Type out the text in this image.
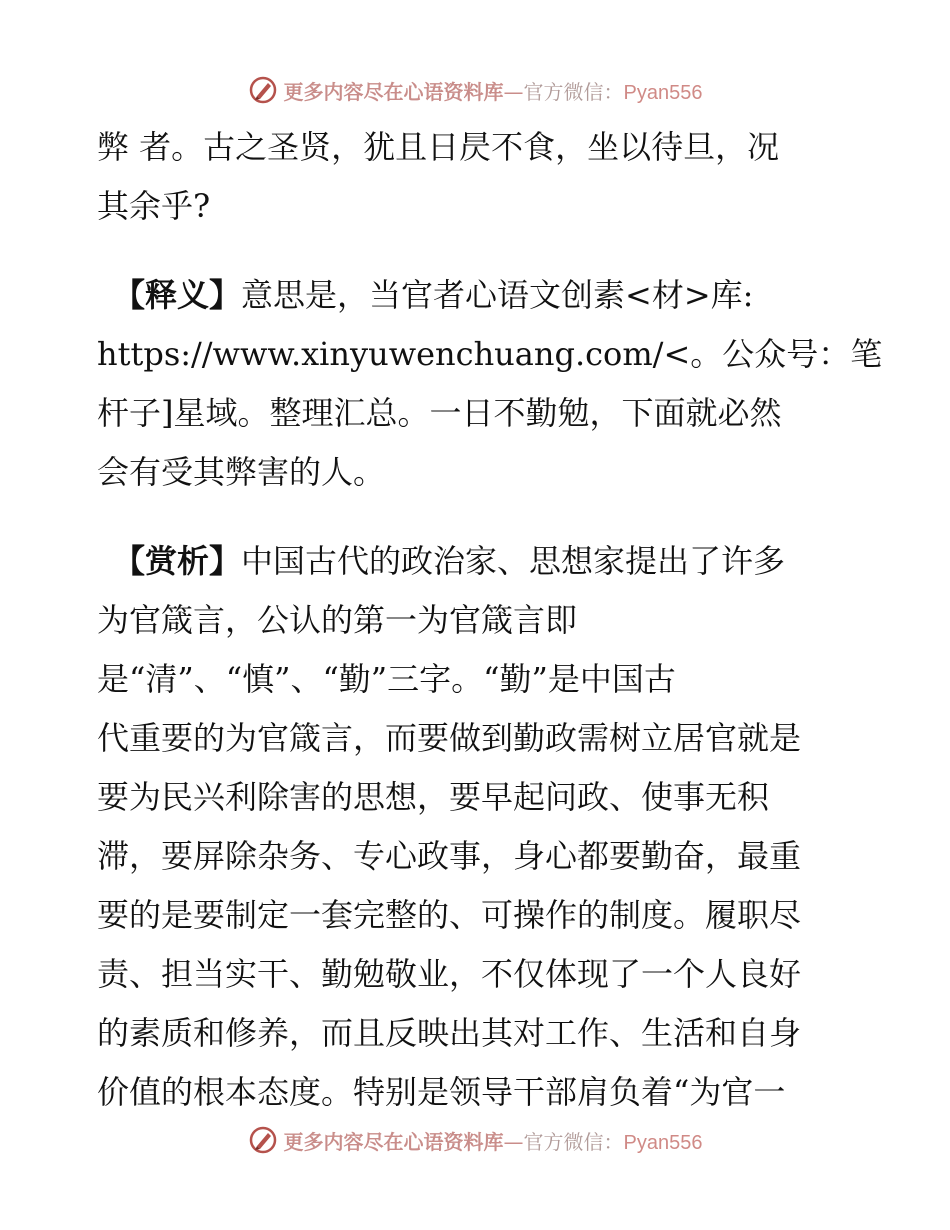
更多内容尽在心语资料库—官方微信：Pyan556
弊 者。古之圣贤，犹且日昃不食，坐以待旦，况
其余乎?
【释义】意思是，当官者心语文创素<材>库:
https://www.xinyuwenchuang.com/<。公众号：笔
杆子]星域。整理汇总。一日不勤勉，下面就必然
会有受其弊害的人。
【赏析】中国古代的政治家、思想家提出了许多
为官箴言，公认的第一为官箴言即
是“清”、“慎”、“勤”三字。“勤”是中国古
代重要的为官箴言，而要做到勤政需树立居官就是
要为民兴利除害的思想，要早起问政、使事无积
滞，要屏除杂务、专心政事，身心都要勤奋，最重
要的是要制定一套完整的、可操作的制度。履职尽
责、担当实干、勤勉敬业，不仅体现了一个人良好
的素质和修养，而且反映出其对工作、生活和自身
价值的根本态度。特别是领导干部肩负着“为官一
更多内容尽在心语资料库—官方微信：Pyan556
